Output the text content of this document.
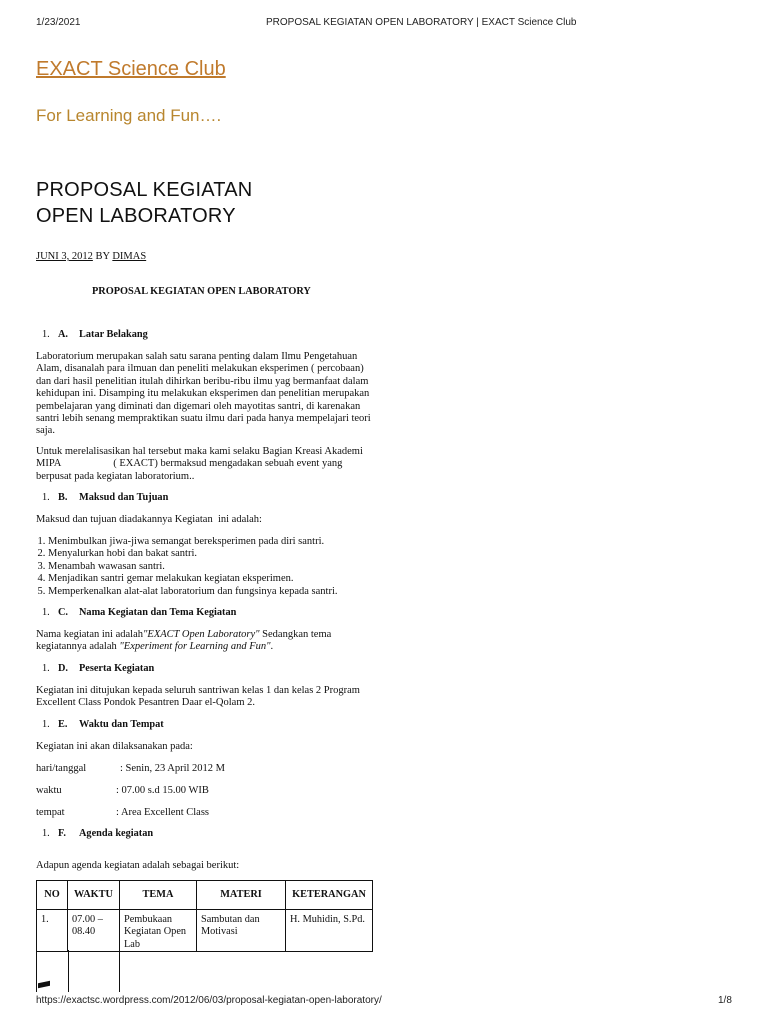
1/23/2021	PROPOSAL KEGIATAN OPEN LABORATORY | EXACT Science Club
EXACT Science Club
For Learning and Fun….
PROPOSAL KEGIATAN
OPEN LABORATORY
JUNI 3, 2012 BY DIMAS
PROPOSAL KEGIATAN OPEN LABORATORY
1. A. Latar Belakang

Laboratorium merupakan salah satu sarana penting dalam Ilmu Pengetahuan Alam, disanalah para ilmuan dan peneliti melakukan eksperimen ( percobaan) dan dari hasil penelitian itulah dihirkan beribu-ribu ilmu yag bermanfaat dalam kehidupan ini. Disamping itu melakukan eksperimen dan penelitian merupakan pembelajaran yang diminati dan digemari oleh mayotitas santri, di karenakan santri lebih senang mempraktikan suatu ilmu dari pada hanya mempelajari teori saja.

Untuk merelalisasikan hal tersebut maka kami selaku Bagian Kreasi Akademi MIPA                    ( EXACT) bermaksud mengadakan sebuah event yang berpusat pada kegiatan laboratorium..

1. B. Maksud dan Tujuan

Maksud dan tujuan diadakannya Kegiatan  ini adalah:

1. Menimbulkan jiwa-jiwa semangat bereksperimen pada diri santri.
2. Menyalurkan hobi dan bakat santri.
3. Menambah wawasan santri.
4. Menjadikan santri gemar melakukan kegiatan eksperimen.
5. Memperkenalkan alat-alat laboratorium dan fungsinya kepada santri.
1. C. Nama Kegiatan dan Tema Kegiatan

Nama kegiatan ini adalah"EXACT Open Laboratory" Sedangkan tema

kegiatannya adalah "Experiment for Learning and Fun".

1. D. Peserta Kegiatan

Kegiatan ini ditujukan kepada seluruh santriwan kelas 1 dan kelas 2 Program Excellent Class Pondok Pesantren Daar el-Qolam 2.

1. E. Waktu dan Tempat

Kegiatan ini akan dilaksanakan pada:

hari/tanggal	: Senin, 23 April 2012 M
waktu	: 07.00 s.d 15.00 WIB
tempat	: Area Excellent Class
1. F. Agenda kegiatan

Adapun agenda kegiatan adalah sebagai berikut:

NO	WAKTU	TEMA	MATERI	KETERANGAN
1.	07.00 – 08.40	Pembukaan Kegiatan Open Lab	Sambutan dan Motivasi	H. Muhidin, S.Pd.
https://exactsc.wordpress.com/2012/06/03/proposal-kegiatan-open-laboratory/	1/8
